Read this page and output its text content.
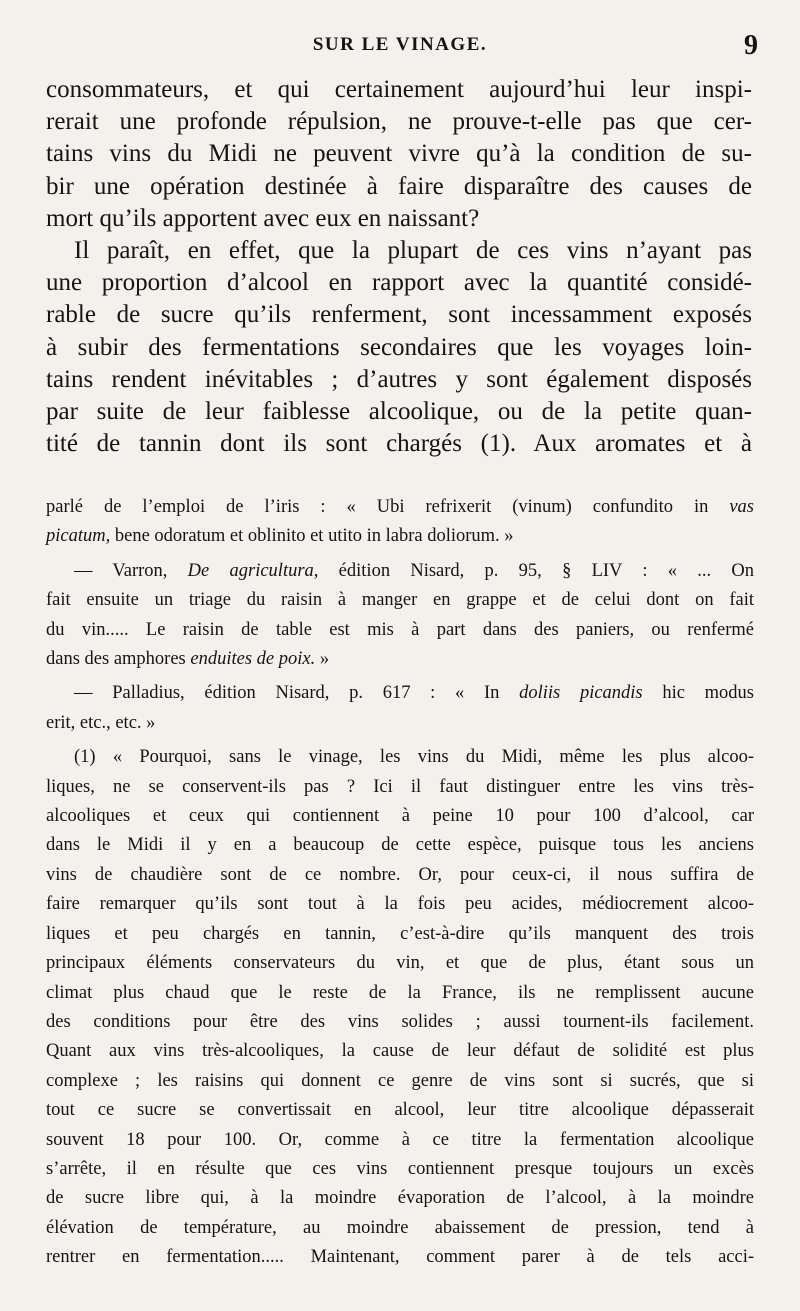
SUR LE VINAGE.	9

consommateurs, et qui certainement aujourd’hui leur inspi-

rerait une profonde répulsion, ne prouve-t-elle pas que cer-

tains vins du Midi ne peuvent vivre qu’à la condition de su-

bir une opération destinée à faire disparaître des causes de

mort qu’ils apportent avec eux en naissant?

Il paraît, en effet, que la plupart de ces vins n’ayant pas

une proportion d’alcool en rapport avec la quantité considé-

rable de sucre qu’ils renferment, sont incessamment exposés

à subir des fermentations secondaires que les voyages loin-

tains rendent inévitables ; d’autres y sont également disposés

par suite de leur faiblesse alcoolique, ou de la petite quan-

tité de tannin dont ils sont chargés (1). Aux aromates et à

parlé de l’emploi de l’iris : « Ubi refrixerit (vinum) confundito in vas

picatum, bene odoratum et oblinito et utito in labra doliorum. »

— Varron, De agricultura, édition Nisard, p. 95, § LIV : « ... On

fait ensuite un triage du raisin à manger en grappe et de celui dont on fait

du vin..... Le raisin de table est mis à part dans des paniers, ou renfermé

dans des amphores enduites de poix. »

— Palladius, édition Nisard, p. 617 : « In doliis picandis hic modus

erit, etc., etc. »

(1) « Pourquoi, sans le vinage, les vins du Midi, même les plus alcoo-

liques, ne se conservent-ils pas ? Ici il faut distinguer entre les vins très-

alcooliques et ceux qui contiennent à peine 10 pour 100 d’alcool, car

dans le Midi il y en a beaucoup de cette espèce, puisque tous les anciens

vins de chaudière sont de ce nombre. Or, pour ceux-ci, il nous suffira de

faire remarquer qu’ils sont tout à la fois peu acides, médiocrement alcoo-

liques et peu chargés en tannin, c’est-à-dire qu’ils manquent des trois

principaux éléments conservateurs du vin, et que de plus, étant sous un

climat plus chaud que le reste de la France, ils ne remplissent aucune

des conditions pour être des vins solides ; aussi tournent-ils facilement.

Quant aux vins très-alcooliques, la cause de leur défaut de solidité est plus

complexe ; les raisins qui donnent ce genre de vins sont si sucrés, que si

tout ce sucre se convertissait en alcool, leur titre alcoolique dépasserait

souvent 18 pour 100. Or, comme à ce titre la fermentation alcoolique

s’arrête, il en résulte que ces vins contiennent presque toujours un excès

de sucre libre qui, à la moindre évaporation de l’alcool, à la moindre

élévation de température, au moindre abaissement de pression, tend à

rentrer en fermentation..... Maintenant, comment parer à de tels acci-
